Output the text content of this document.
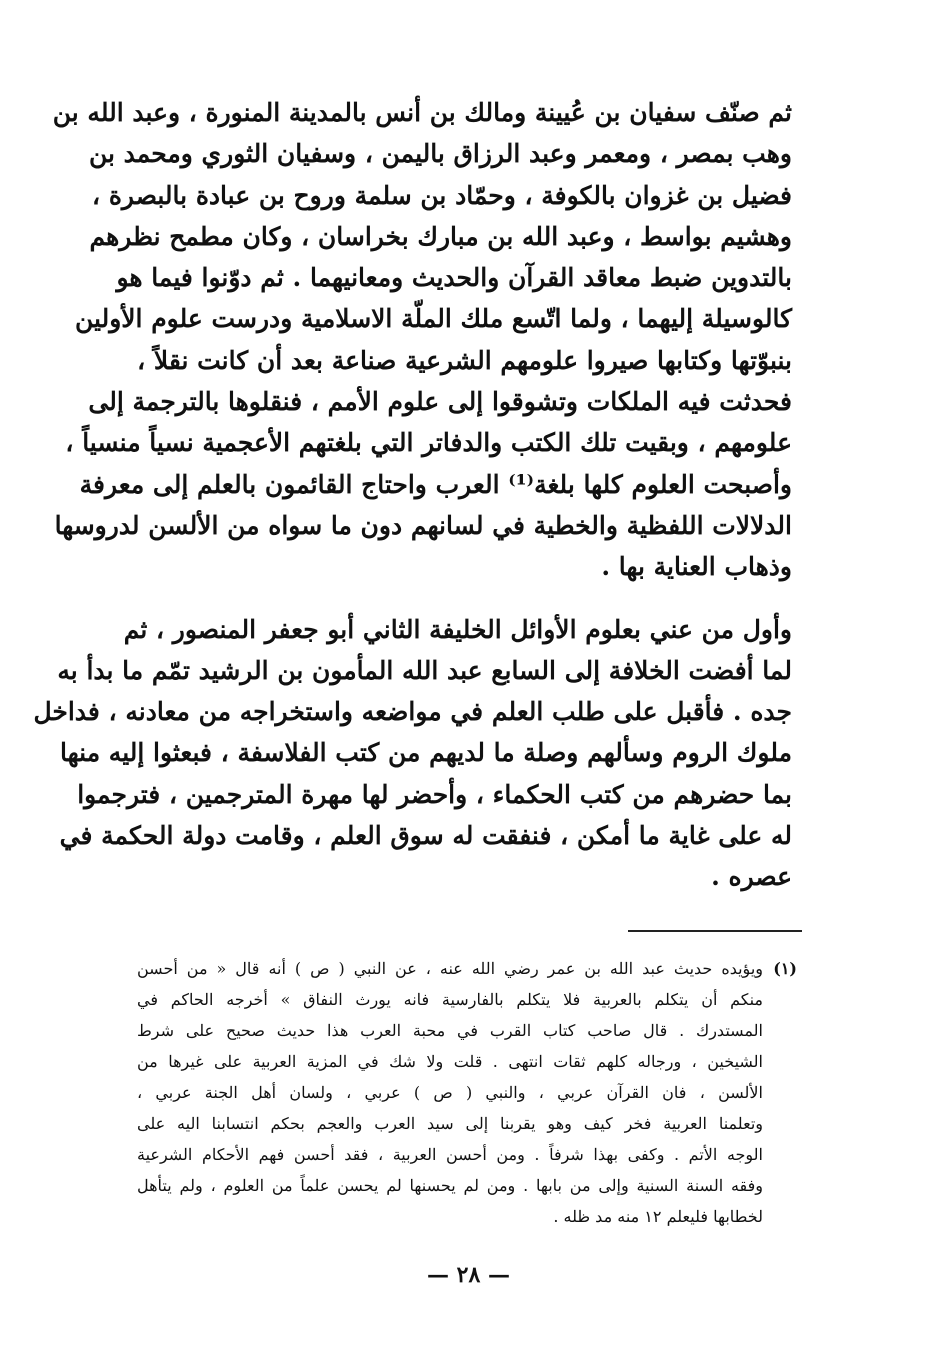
ثم صنّف سفيان بن عُيينة ومالك بن أنس بالمدينة المنورة ، وعبد الله بن
وهب بمصر ، ومعمر وعبد الرزاق باليمن ، وسفيان الثوري ومحمد بن
فضيل بن غزوان بالكوفة ، وحمّاد بن سلمة وروح بن عبادة بالبصرة ،
وهشيم بواسط ، وعبد الله بن مبارك بخراسان ، وكان مطمح نظرهم
بالتدوين ضبط معاقد القرآن والحديث ومعانيهما . ثم دوّنوا فيما هو
كالوسيلة إليهما ، ولما اتّسع ملك الملّة الاسلامية ودرست علوم الأولين
بنبوّتها وكتابها صيروا علومهم الشرعية صناعة بعد أن كانت نقلاً ،
فحدثت فيه الملكات وتشوقوا إلى علوم الأمم ، فنقلوها بالترجمة إلى
علومهم ، وبقيت تلك الكتب والدفاتر التي بلغتهم الأعجمية نسياً منسياً ،
وأصبحت العلوم كلها بلغة⁽¹⁾ العرب واحتاج القائمون بالعلم إلى معرفة
الدلالات اللفظية والخطية في لسانهم دون ما سواه من الألسن لدروسها
وذهاب العناية بها .
وأول من عني بعلوم الأوائل الخليفة الثاني أبو جعفر المنصور ، ثم
لما أفضت الخلافة إلى السابع عبد الله المأمون بن الرشيد تمّم ما بدأ به
جده . فأقبل على طلب العلم في مواضعه واستخراجه من معادنه ، فداخل
ملوك الروم وسألهم وصلة ما لديهم من كتب الفلاسفة ، فبعثوا إليه منها
بما حضرهم من كتب الحكماء ، وأحضر لها مهرة المترجمين ، فترجموا
له على غاية ما أمكن ، فنفقت له سوق العلم ، وقامت دولة الحكمة في
عصره .
(١)
ويؤيده حديث عبد الله بن عمر رضي الله عنه ، عن النبي ( ص ) أنه قال « من أحسن
منكم أن يتكلم بالعربية فلا يتكلم بالفارسية فانه يورث النفاق » أخرجه الحاكم في
المستدرك . قال صاحب كتاب القرب في محبة العرب هذا حديث صحيح على شرط
الشيخين ، ورجاله كلهم ثقات انتهى . قلت ولا شك في المزية العربية على غيرها من
الألسن ، فان القرآن عربي ، والنبي ( ص ) عربي ، ولسان أهل الجنة عربي ،
وتعلمنا العربية فخر كيف وهو يقربنا إلى سيد العرب والعجم بحكم انتسابنا اليه على
الوجه الأتم . وكفى بهذا شرفاً . ومن أحسن العربية ، فقد أحسن فهم الأحكام الشرعية
وفقه السنة السنية وإلى من بابها . ومن لم يحسنها لم يحسن علماً من العلوم ، ولم يتأهل
لخطابها فليعلم ١٢ منه مد ظله .
— ٢٨ —
